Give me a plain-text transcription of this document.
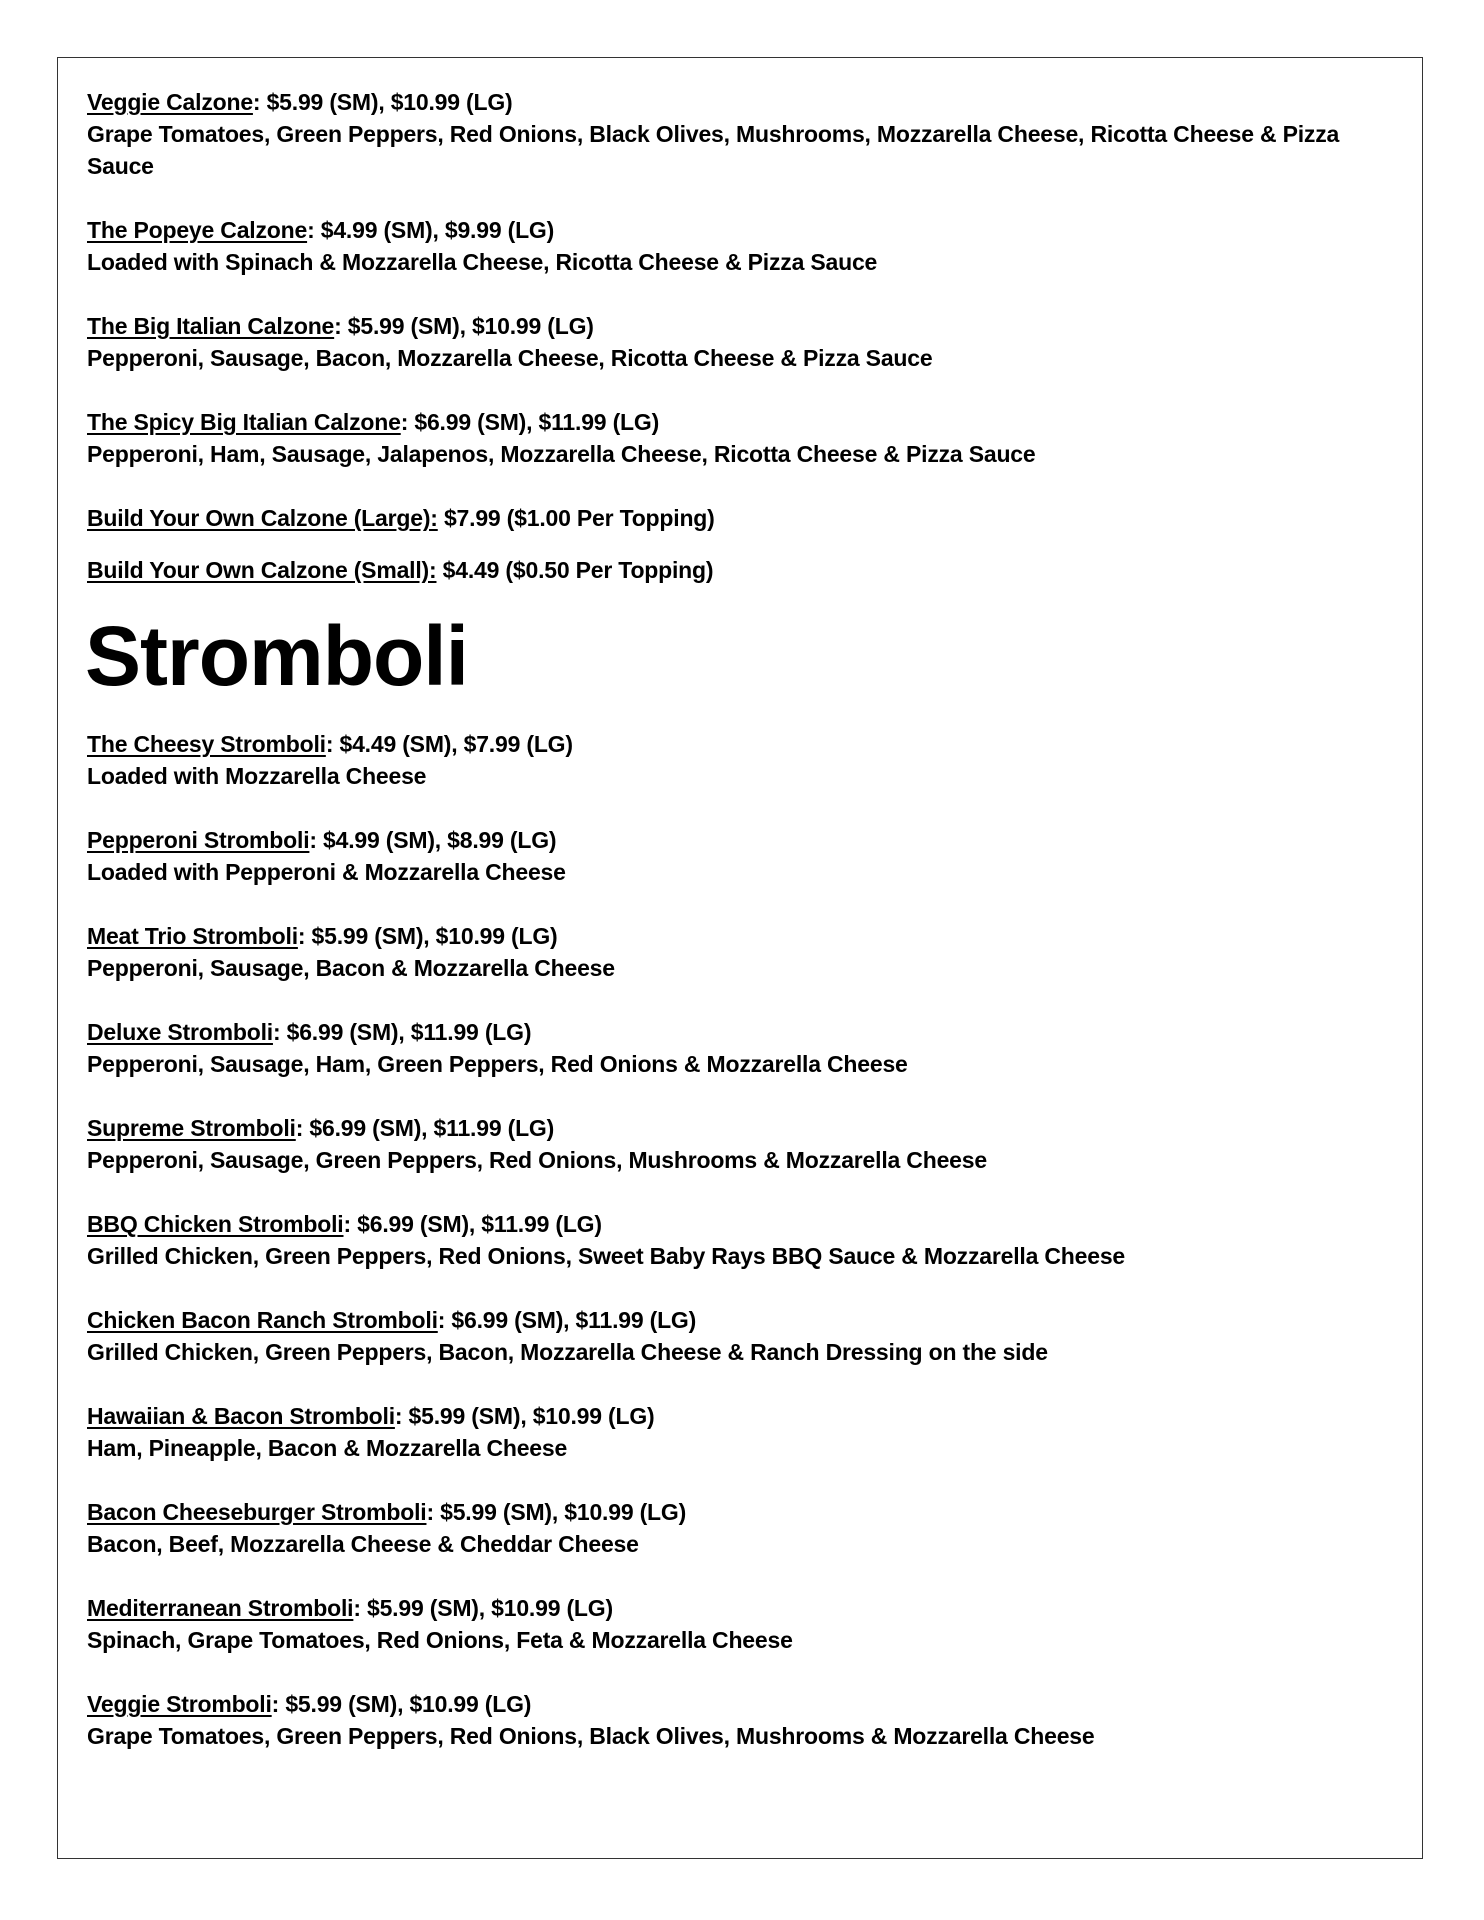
Veggie Calzone: $5.99 (SM), $10.99 (LG)
Grape Tomatoes, Green Peppers, Red Onions, Black Olives, Mushrooms, Mozzarella Cheese, Ricotta Cheese & Pizza Sauce
The Popeye Calzone: $4.99 (SM), $9.99 (LG)
Loaded with Spinach & Mozzarella Cheese, Ricotta Cheese & Pizza Sauce
The Big Italian Calzone: $5.99 (SM), $10.99 (LG)
Pepperoni, Sausage, Bacon, Mozzarella Cheese, Ricotta Cheese & Pizza Sauce
The Spicy Big Italian Calzone: $6.99 (SM), $11.99 (LG)
Pepperoni, Ham, Sausage, Jalapenos, Mozzarella Cheese, Ricotta Cheese & Pizza Sauce
Build Your Own Calzone (Large): $7.99 ($1.00 Per Topping)
Build Your Own Calzone (Small): $4.49 ($0.50 Per Topping)
Stromboli
The Cheesy Stromboli: $4.49 (SM), $7.99 (LG)
Loaded with Mozzarella Cheese
Pepperoni Stromboli: $4.99 (SM), $8.99 (LG)
Loaded with Pepperoni & Mozzarella Cheese
Meat Trio Stromboli: $5.99 (SM), $10.99 (LG)
Pepperoni, Sausage, Bacon & Mozzarella Cheese
Deluxe Stromboli: $6.99 (SM), $11.99 (LG)
Pepperoni, Sausage, Ham, Green Peppers, Red Onions & Mozzarella Cheese
Supreme Stromboli: $6.99 (SM), $11.99 (LG)
Pepperoni, Sausage, Green Peppers, Red Onions, Mushrooms & Mozzarella Cheese
BBQ Chicken Stromboli: $6.99 (SM), $11.99 (LG)
Grilled Chicken, Green Peppers, Red Onions, Sweet Baby Rays BBQ Sauce & Mozzarella Cheese
Chicken Bacon Ranch Stromboli: $6.99 (SM), $11.99 (LG)
Grilled Chicken, Green Peppers, Bacon, Mozzarella Cheese & Ranch Dressing on the side
Hawaiian & Bacon Stromboli: $5.99 (SM), $10.99 (LG)
Ham, Pineapple, Bacon & Mozzarella Cheese
Bacon Cheeseburger Stromboli: $5.99 (SM), $10.99 (LG)
Bacon, Beef, Mozzarella Cheese & Cheddar Cheese
Mediterranean Stromboli: $5.99 (SM), $10.99 (LG)
Spinach, Grape Tomatoes, Red Onions, Feta & Mozzarella Cheese
Veggie Stromboli: $5.99 (SM), $10.99 (LG)
Grape Tomatoes, Green Peppers, Red Onions, Black Olives, Mushrooms & Mozzarella Cheese
